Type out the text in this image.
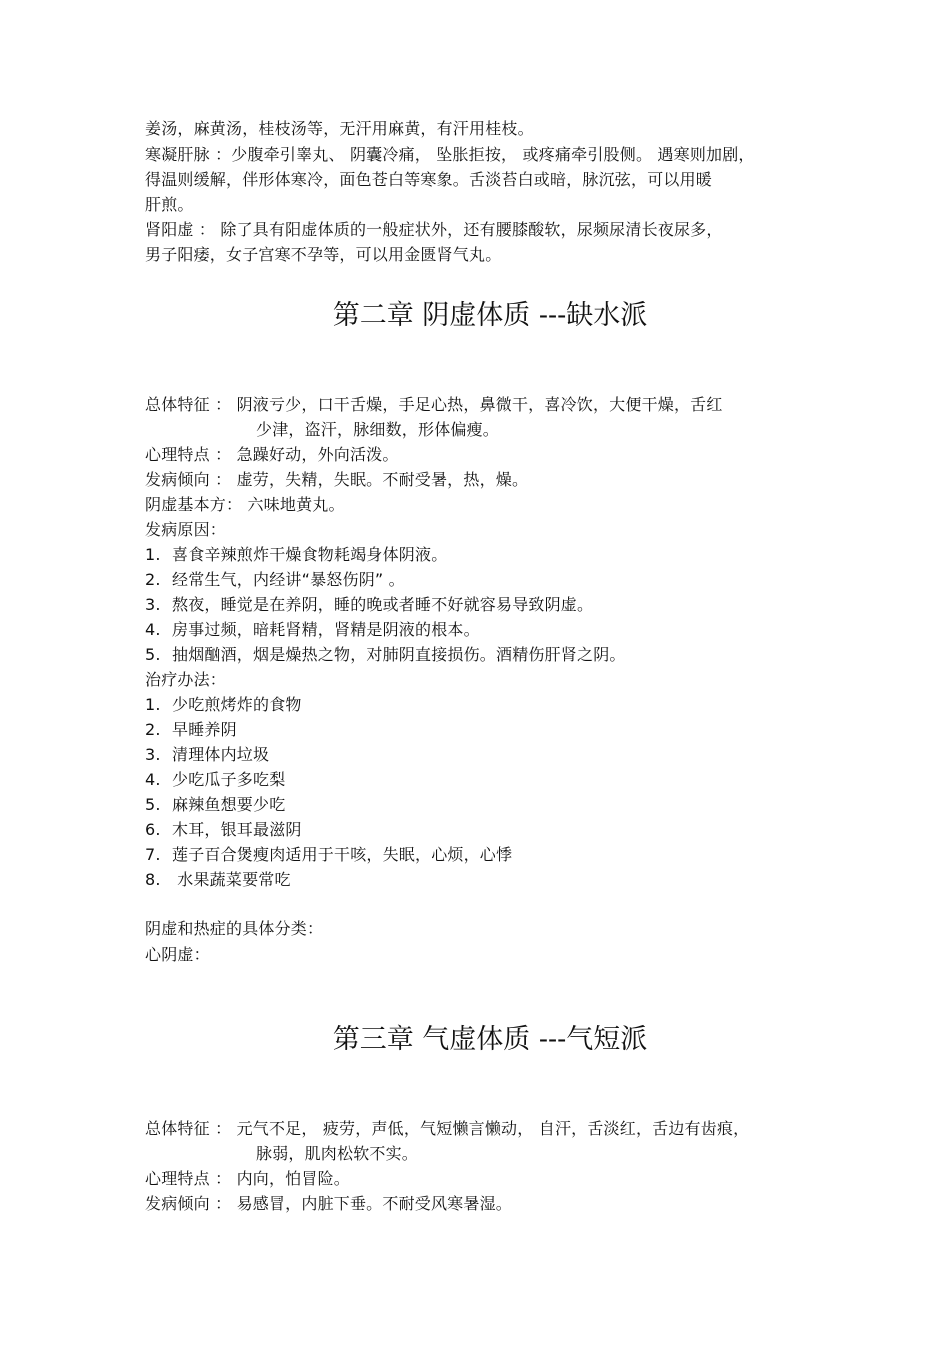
姜汤，麻黄汤，桂枝汤等，无汗用麻黄，有汗用桂枝。
寒凝肝脉 ：少腹牵引睾丸、 阴囊冷痛， 坠胀拒按， 或疼痛牵引股侧。 遇寒则加剧，
得温则缓解，伴形体寒冷，面色苍白等寒象。舌淡苔白或暗，脉沉弦，可以用暖
肝煎。
肾阳虚 ： 除了具有阳虚体质的一般症状外，还有腰膝酸软，尿频尿清长夜尿多，
男子阳痿，女子宫寒不孕等，可以用金匮肾气丸。
第二章 阴虚体质 ---缺水派
总体特征 ： 阴液亏少，口干舌燥，手足心热，鼻微干，喜冷饮，大便干燥，舌红
少津，盗汗，脉细数，形体偏瘦。
心理特点 ： 急躁好动，外向活泼。
发病倾向 ： 虚劳，失精，失眠。不耐受暑，热，燥。
阴虚基本方： 六味地黄丸。
发病原因：
1. 喜食辛辣煎炸干燥食物耗竭身体阴液。
2. 经常生气，内经讲“暴怒伤阴” 。
3. 熬夜，睡觉是在养阴，睡的晚或者睡不好就容易导致阴虚。
4. 房事过频，暗耗肾精，肾精是阴液的根本。
5. 抽烟酗酒，烟是燥热之物，对肺阴直接损伤。酒精伤肝肾之阴。
治疗办法：
1. 少吃煎烤炸的食物
2. 早睡养阴
3. 清理体内垃圾
4. 少吃瓜子多吃梨
5. 麻辣鱼想要少吃
6. 木耳，银耳最滋阴
7. 莲子百合煲瘦肉适用于干咳，失眠，心烦，心悸
8. 水果蔬菜要常吃
阴虚和热症的具体分类：
心阴虚：
第三章 气虚体质 ---气短派
总体特征 ： 元气不足， 疲劳，声低，气短懒言懒动， 自汗，舌淡红，舌边有齿痕，
脉弱，肌肉松软不实。
心理特点 ： 内向，怕冒险。
发病倾向 ： 易感冒，内脏下垂。不耐受风寒暑湿。
